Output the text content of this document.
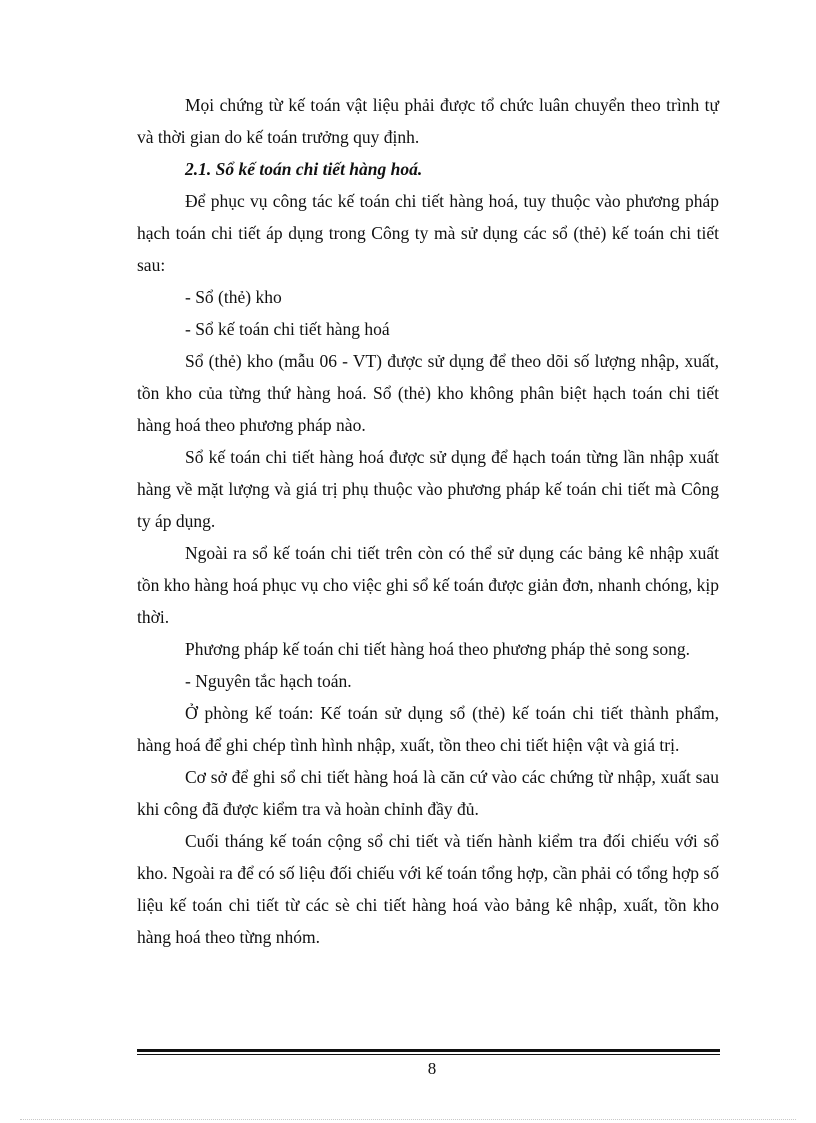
Mọi chứng từ kế toán vật liệu phải được tổ chức luân chuyển theo trình tự và thời gian do kế toán trưởng quy định.

2.1. Sổ kế toán chi tiết hàng hoá.

Để phục vụ công tác kế toán chi tiết hàng hoá, tuy thuộc vào phương pháp hạch toán chi tiết áp dụng trong Công ty mà sử dụng các sổ (thẻ) kế toán chi tiết sau:

- Sổ (thẻ) kho

- Sổ kế toán chi tiết hàng hoá

Sổ (thẻ) kho (mẫu 06 - VT) được sử dụng để theo dõi số lượng nhập, xuất, tồn kho của từng thứ hàng hoá. Sổ (thẻ) kho không phân biệt hạch toán chi tiết hàng hoá theo phương pháp nào.

Sổ kế toán chi tiết hàng hoá được sử dụng để hạch toán từng lần nhập xuất hàng về mặt lượng và giá trị phụ thuộc vào phương pháp kế toán chi tiết mà Công ty áp dụng.

Ngoài ra sổ kế toán chi tiết trên còn có thể sử dụng các bảng kê nhập xuất tồn kho hàng hoá phục vụ cho việc ghi sổ kế toán được giản đơn, nhanh chóng, kịp thời.

Phương pháp kế toán chi tiết hàng hoá theo phương pháp thẻ song song.

- Nguyên tắc hạch toán.

Ở phòng kế toán: Kế toán sử dụng sổ (thẻ) kế toán chi tiết thành phẩm, hàng hoá để ghi chép tình hình nhập, xuất, tồn theo chi tiết hiện vật và giá trị.

Cơ sở để ghi sổ chi tiết hàng hoá là căn cứ vào các chứng từ nhập, xuất sau khi công đã được kiểm tra và hoàn chỉnh đầy đủ.

Cuối tháng kế toán cộng sổ chi tiết và tiến hành kiểm tra đối chiếu với sổ kho. Ngoài ra để có số liệu đối chiếu với kế toán tổng hợp, cần phải có tổng hợp số liệu kế toán chi tiết từ các sè chi tiết hàng hoá vào bảng kê nhập, xuất, tồn kho hàng hoá theo từng nhóm.

8
